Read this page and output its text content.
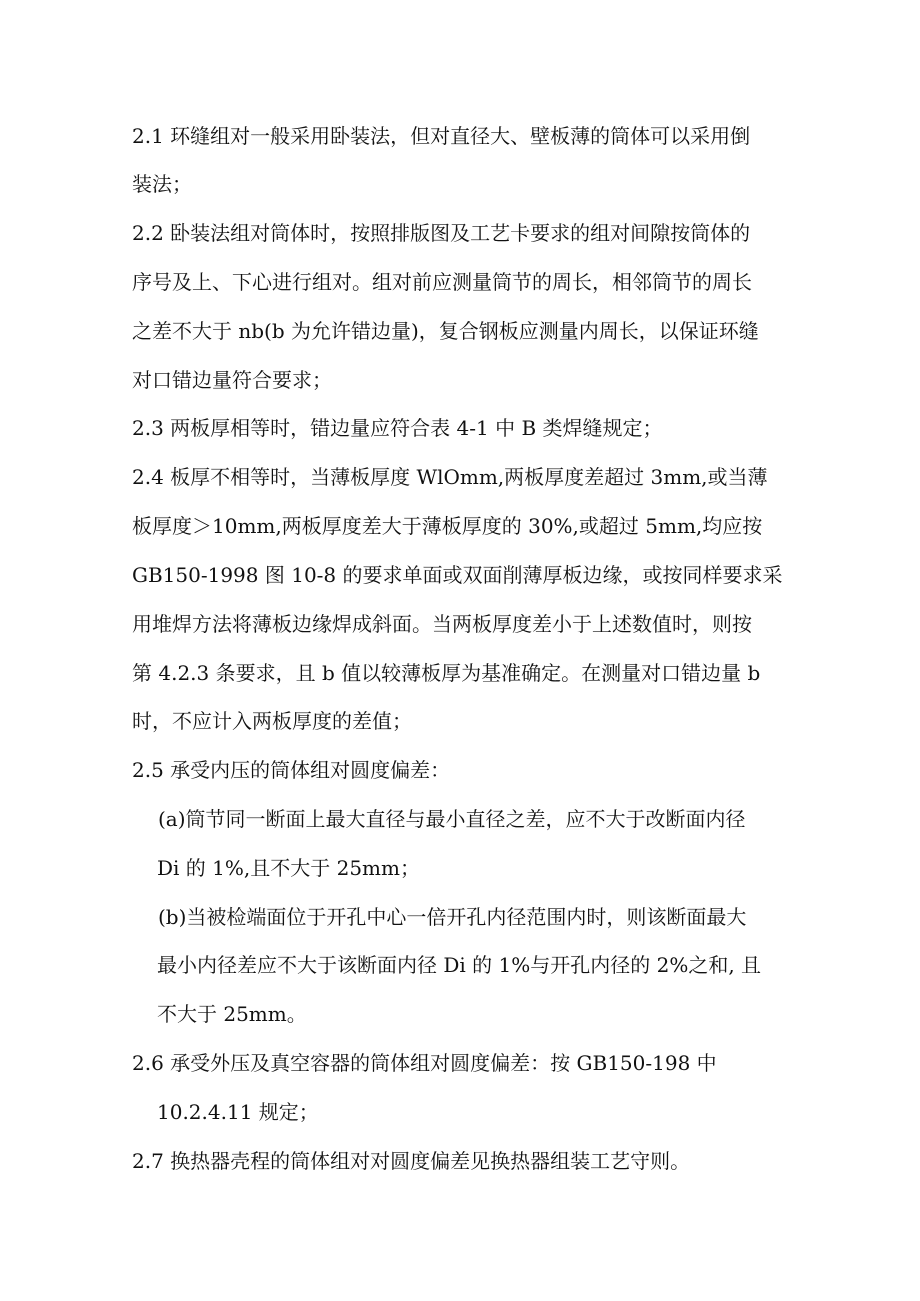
2.1 环缝组对一般采用卧装法，但对直径大、壁板薄的筒体可以采用倒
装法；
2.2 卧装法组对筒体时，按照排版图及工艺卡要求的组对间隙按筒体的
序号及上、下心进行组对。组对前应测量筒节的周长，相邻筒节的周长
之差不大于 nb(b 为允许错边量)，复合钢板应测量内周长，以保证环缝
对口错边量符合要求；
2.3 两板厚相等时，错边量应符合表 4-1 中 B 类焊缝规定；
2.4 板厚不相等时，当薄板厚度 WlOmm,两板厚度差超过 3mm,或当薄
板厚度＞10mm,两板厚度差大于薄板厚度的 30%,或超过 5mm,均应按
GB150-1998 图 10-8 的要求单面或双面削薄厚板边缘，或按同样要求采
用堆焊方法将薄板边缘焊成斜面。当两板厚度差小于上述数值时，则按
第 4.2.3 条要求，且 b 值以较薄板厚为基准确定。在测量对口错边量 b
时，不应计入两板厚度的差值；
2.5 承受内压的筒体组对圆度偏差：
(a)筒节同一断面上最大直径与最小直径之差，应不大于改断面内径
Di 的 1%,且不大于 25mm；
(b)当被检端面位于开孔中心一倍开孔内径范围内时，则该断面最大
最小内径差应不大于该断面内径 Di 的 1%与开孔内径的 2%之和, 且
不大于 25mm。
2.6 承受外压及真空容器的筒体组对圆度偏差：按 GB150-198 中
10.2.4.11 规定；
2.7 换热器壳程的筒体组对对圆度偏差见换热器组装工艺守则。
